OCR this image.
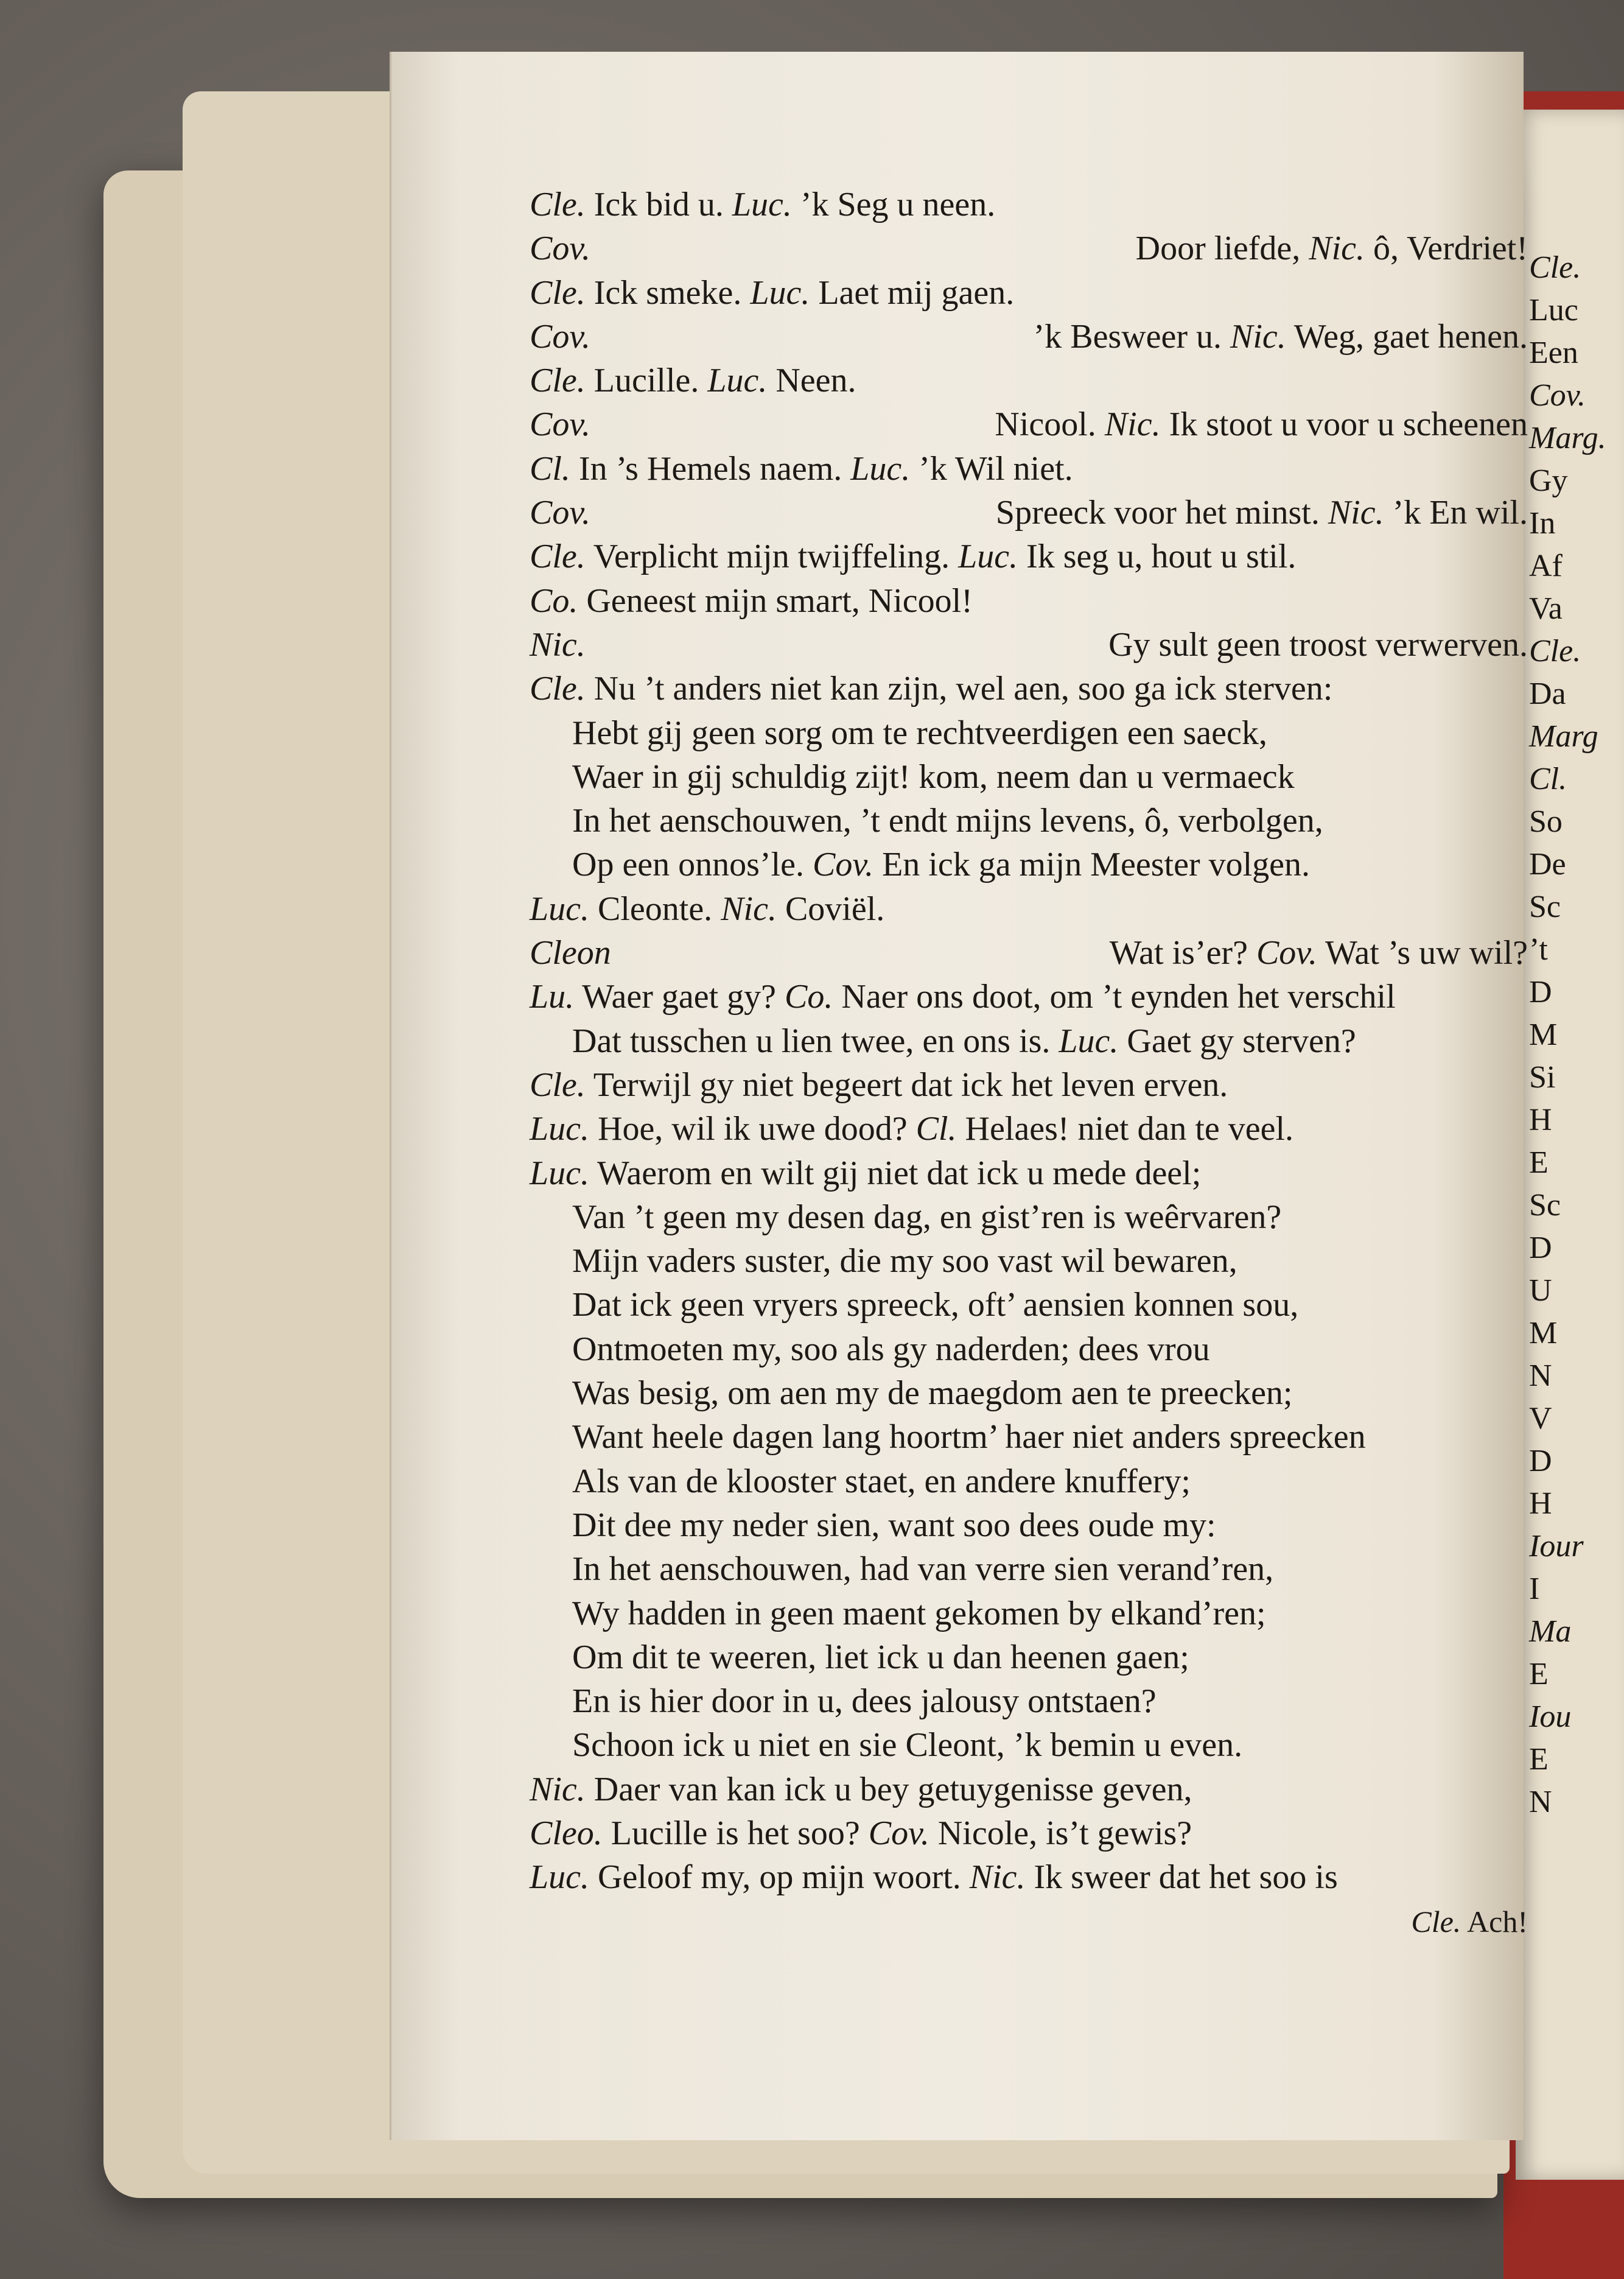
Cle.
Luc
Een
Cov.
Marg.
Gy
In
Af
Va
Cle.
Da
Marg
Cl.
So
De
Sc
’t
D
M
Si
H
E
Sc
D
U
M
N
V
D
H
Iour
I
Ma
E
Iou
E
N
Cle. Ick bid u. Luc. ’k Seg u neen.
Cov.	Door liefde, Nic. ô, Verdriet!
Cle. Ick smeke. Luc. Laet mij gaen.
Cov.	’k Besweer u. Nic. Weg, gaet henen.
Cle. Lucille. Luc. Neen.
Cov.	Nicool. Nic. Ik stoot u voor u scheenen
Cl. In ’s Hemels naem. Luc. ’k Wil niet.
Cov.	Spreeck voor het minst. Nic. ’k En wil.
Cle. Verplicht mijn twijffeling. Luc. Ik seg u, hout u stil.
Co. Geneest mijn smart, Nicool!
Nic.	Gy sult geen troost verwerven.
Cle. Nu ’t anders niet kan zijn, wel aen, soo ga ick sterven:
Hebt gij geen sorg om te rechtveerdigen een saeck,
Waer in gij schuldig zijt! kom, neem dan u vermaeck
In het aenschouwen, ’t endt mijns levens, ô, verbolgen,
Op een onnos’le. Cov. En ick ga mijn Meester volgen.
Luc. Cleonte. Nic. Coviël.
Cleon	Wat is’er? Cov. Wat ’s uw wil?
Lu. Waer gaet gy? Co. Naer ons doot, om ’t eynden het verschil
Dat tusschen u lien twee, en ons is. Luc. Gaet gy sterven?
Cle. Terwijl gy niet begeert dat ick het leven erven.
Luc. Hoe, wil ik uwe dood? Cl. Helaes! niet dan te veel.
Luc. Waerom en wilt gij niet dat ick u mede deel;
Van ’t geen my desen dag, en gist’ren is weêrvaren?
Mijn vaders suster, die my soo vast wil bewaren,
Dat ick geen vryers spreeck, oft’ aensien konnen sou,
Ontmoeten my, soo als gy naderden; dees vrou
Was besig, om aen my de maegdom aen te preecken;
Want heele dagen lang hoortm’ haer niet anders spreecken
Als van de klooster staet, en andere knuffery;
Dit dee my neder sien, want soo dees oude my:
In het aenschouwen, had van verre sien verand’ren,
Wy hadden in geen maent gekomen by elkand’ren;
Om dit te weeren, liet ick u dan heenen gaen;
En is hier door in u, dees jalousy ontstaen?
Schoon ick u niet en sie Cleont, ’k bemin u even.
Nic. Daer van kan ick u bey getuygenisse geven,
Cleo. Lucille is het soo? Cov. Nicole, is’t gewis?
Luc. Geloof my, op mijn woort. Nic. Ik sweer dat het soo is
Cle. Ach!
